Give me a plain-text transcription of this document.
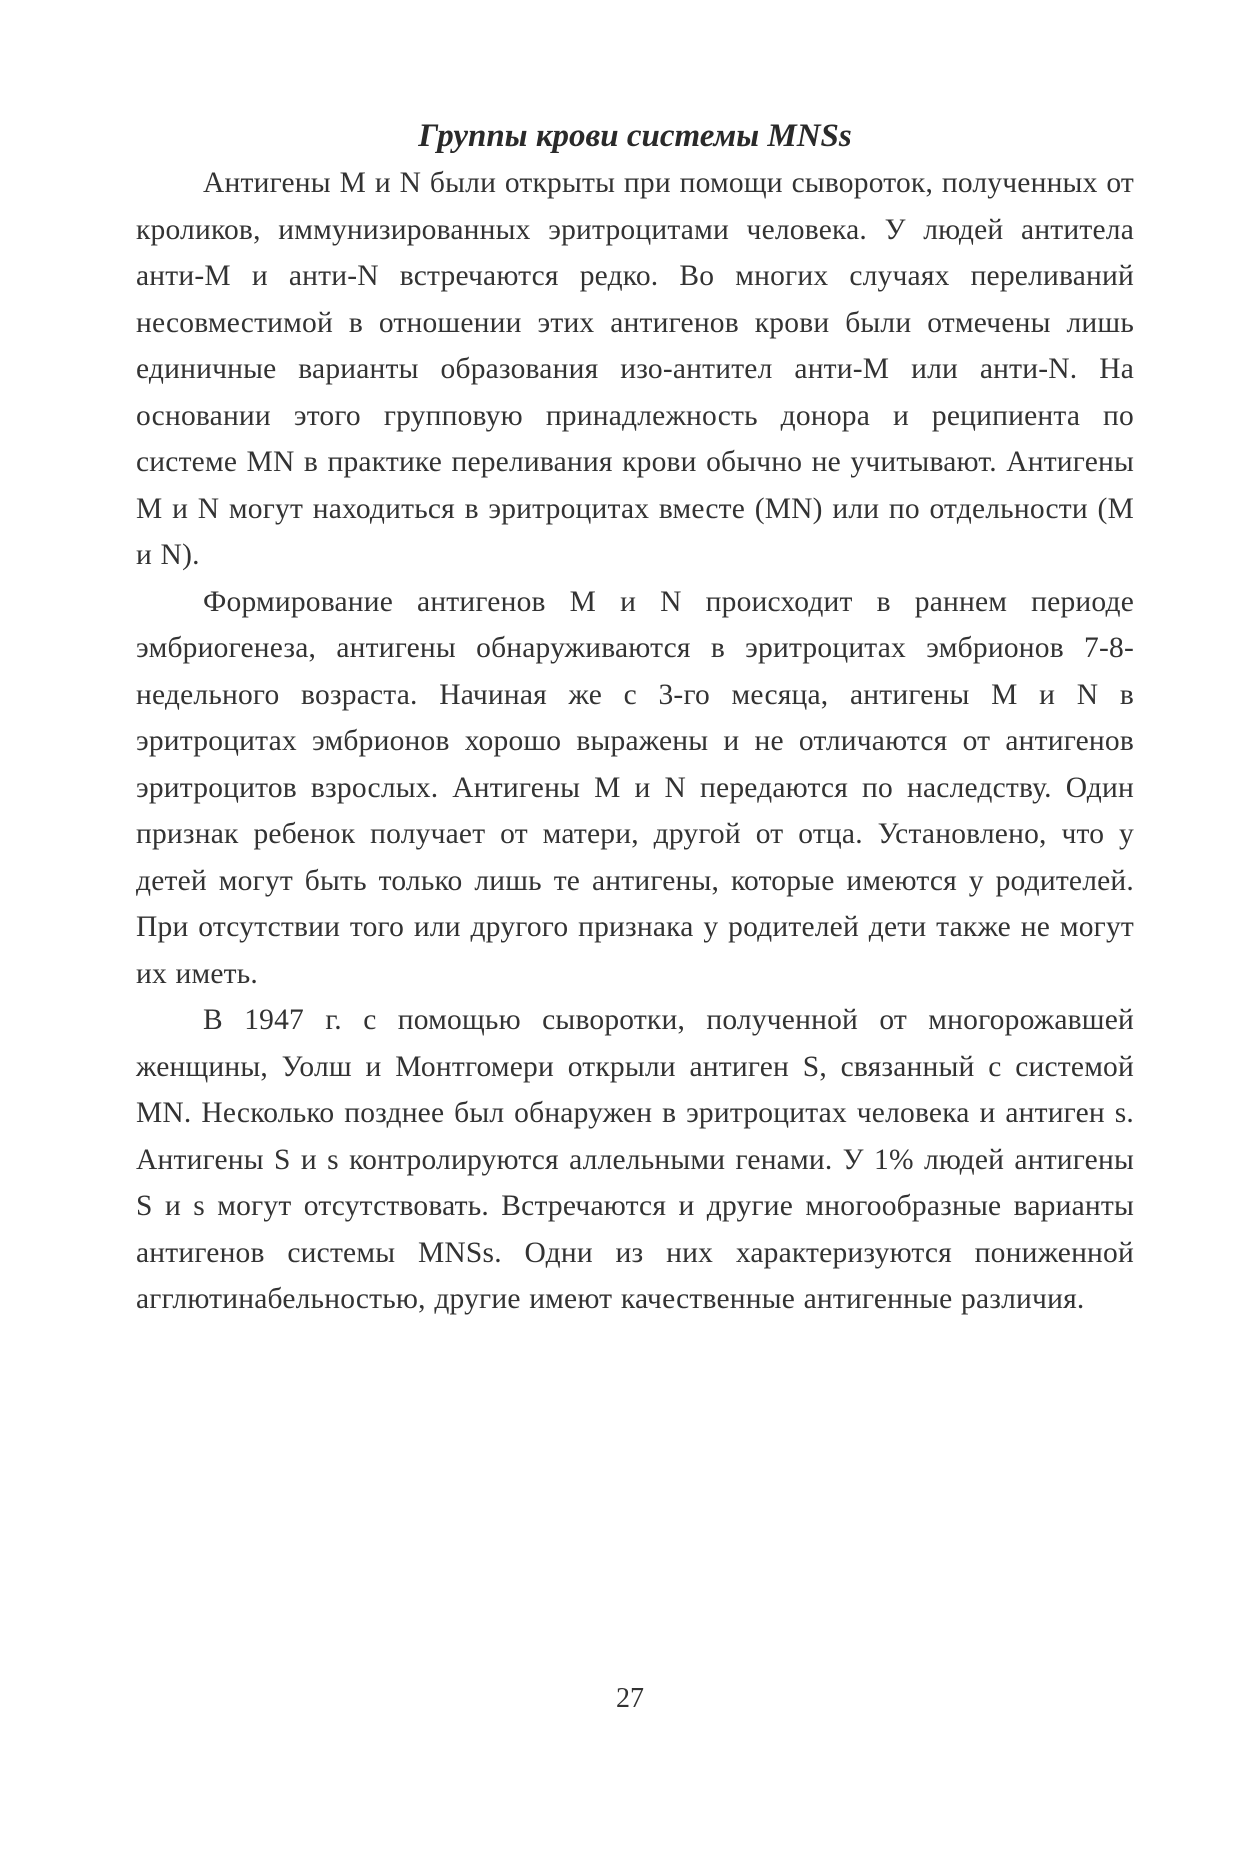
Группы крови системы MNSs

Антигены М и N были открыты при помощи сывороток, полученных от кроликов, иммунизированных эритроцитами человека. У людей антитела анти-М и анти-N встречаются редко. Во многих случаях переливаний несовместимой в отношении этих антигенов крови были отмечены лишь единичные варианты образования изо-антител анти-М или анти-N. На основании этого групповую принадлежность донора и реципиента по системе MN в практике переливания крови обычно не учитывают. Антигены М и N могут находиться в эритроцитах вместе (MN) или по отдельности (М и N).

Формирование антигенов М и N происходит в раннем периоде эмбриогенеза, антигены обнаруживаются в эритроцитах эмбрионов 7-8-недельного возраста. Начиная же с 3-го месяца, антигены М и N в эритроцитах эмбрионов хорошо выражены и не отличаются от антигенов эритроцитов взрослых. Антигены М и N передаются по наследству. Один признак ребенок получает от матери, другой от отца. Установлено, что у детей могут быть только лишь те антигены, которые имеются у родителей. При отсутствии того или другого признака у родителей дети также не могут их иметь.

В 1947 г. с помощью сыворотки, полученной от многорожавшей женщины, Уолш и Монтгомери открыли антиген S, связанный с системой MN. Несколько позднее был обнаружен в эритроцитах человека и антиген s. Антигены S и s контролируются аллельными генами. У 1% людей антигены S и s могут отсутствовать. Встречаются и другие многообразные варианты антигенов системы MNSs. Одни из них характеризуются пониженной агглютинабельностью, другие имеют качественные антигенные различия.

27
